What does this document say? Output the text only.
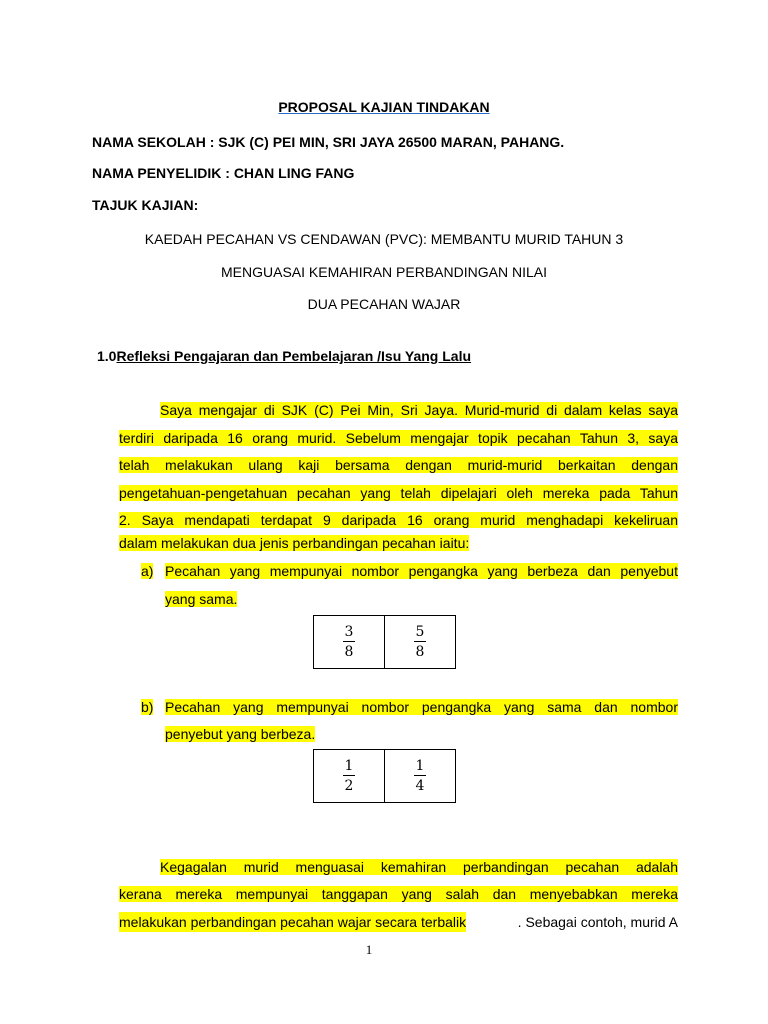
PROPOSAL KAJIAN TINDAKAN
NAMA SEKOLAH : SJK (C) PEI MIN, SRI JAYA 26500 MARAN, PAHANG.
NAMA PENYELIDIK : CHAN LING FANG
TAJUK KAJIAN:
KAEDAH PECAHAN VS CENDAWAN (PVC): MEMBANTU MURID TAHUN 3
MENGUASAI KEMAHIRAN PERBANDINGAN NILAI
DUA PECAHAN WAJAR
1.0Refleksi Pengajaran dan Pembelajaran /Isu Yang Lalu
Saya mengajar di SJK (C) Pei Min, Sri Jaya. Murid-murid di dalam kelas saya
terdiri daripada 16 orang murid. Sebelum mengajar topik pecahan Tahun 3, saya
telah melakukan ulang kaji bersama dengan murid-murid berkaitan dengan
pengetahuan-pengetahuan pecahan yang telah dipelajari oleh mereka pada Tahun
2. Saya mendapati terdapat 9 daripada 16 orang murid menghadapi kekeliruan
dalam melakukan dua jenis perbandingan pecahan iaitu:
a) Pecahan yang mempunyai nombor pengangka yang berbeza dan penyebut
yang sama.
$\frac{3}{8}$	$\frac{5}{8}$
b) Pecahan yang mempunyai nombor pengangka yang sama dan nombor
penyebut yang berbeza.
$\frac{1}{2}$	$\frac{1}{4}$
Kegagalan murid menguasai kemahiran perbandingan pecahan adalah
kerana mereka mempunyai tanggapan yang salah dan menyebabkan mereka
melakukan perbandingan pecahan wajar secara terbalik	. Sebagai contoh, murid A
1
